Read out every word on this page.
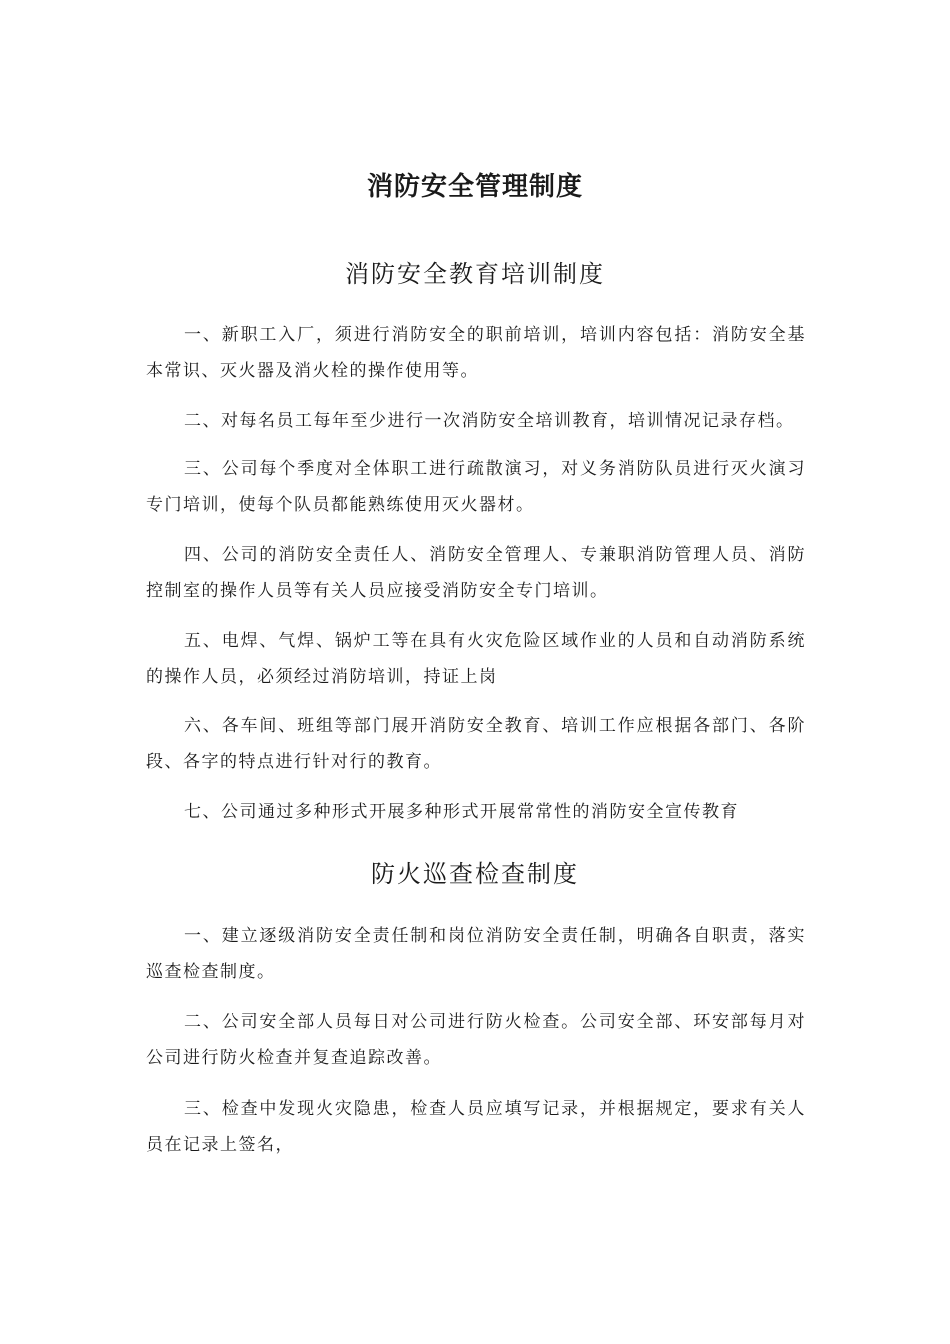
消防安全管理制度
消防安全教育培训制度

一、新职工入厂，须进行消防安全的职前培训，培训内容包括：消防安全基本常识、灭火器及消火栓的操作使用等。

二、对每名员工每年至少进行一次消防安全培训教育，培训情况记录存档。

三、公司每个季度对全体职工进行疏散演习，对义务消防队员进行灭火演习专门培训，使每个队员都能熟练使用灭火器材。

四、公司的消防安全责任人、消防安全管理人、专兼职消防管理人员、消防控制室的操作人员等有关人员应接受消防安全专门培训。

五、电焊、气焊、锅炉工等在具有火灾危险区域作业的人员和自动消防系统的操作人员，必须经过消防培训，持证上岗

六、各车间、班组等部门展开消防安全教育、培训工作应根据各部门、各阶段、各字的特点进行针对行的教育。

七、公司通过多种形式开展多种形式开展常常性的消防安全宣传教育

防火巡查检查制度

一、建立逐级消防安全责任制和岗位消防安全责任制，明确各自职责，落实巡查检查制度。

二、公司安全部人员每日对公司进行防火检查。公司安全部、环安部每月对公司进行防火检查并复查追踪改善。

三、检查中发现火灾隐患，检查人员应填写记录，并根据规定，要求有关人员在记录上签名，
